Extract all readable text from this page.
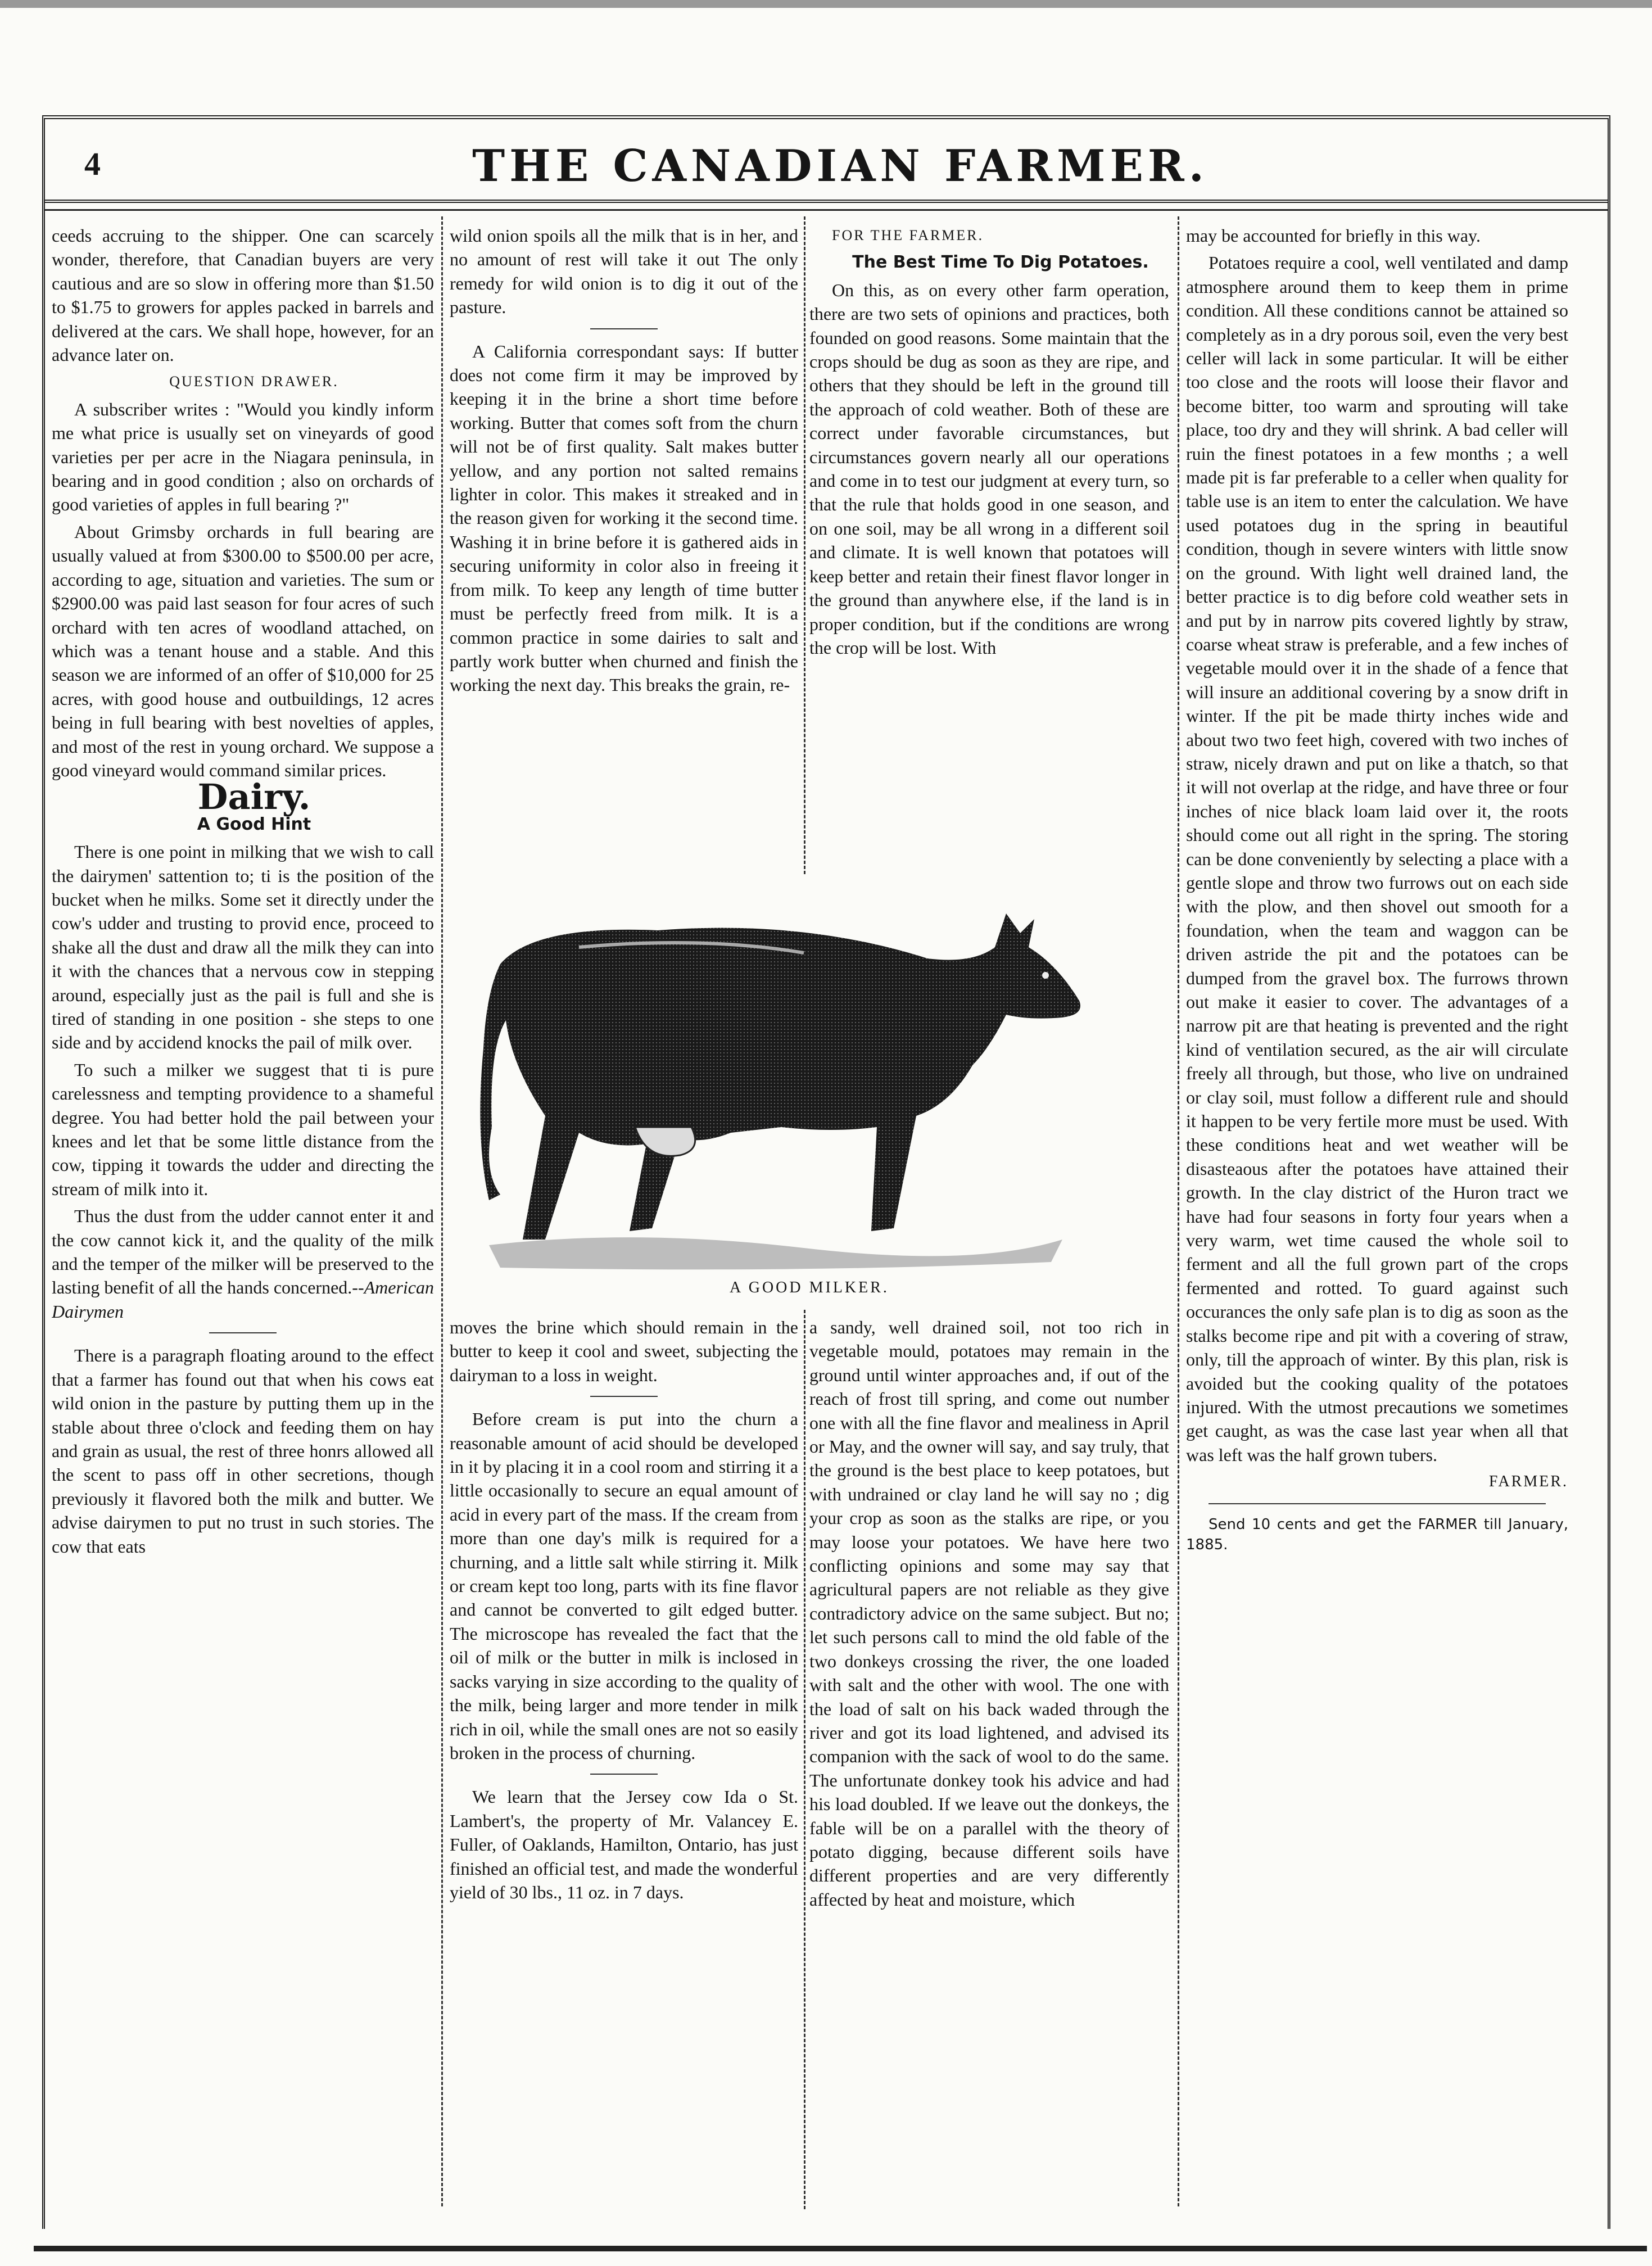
4	THE CANADIAN FARMER.

ceeds accruing to the shipper. One can scarcely wonder, therefore, that Canadian buyers are very cautious and are so slow in offering more than $1.50 to $1.75 to growers for apples packed in barrels and delivered at the cars. We shall hope, however, for an advance later on.

QUESTION DRAWER.

A subscriber writes : "Would you kindly inform me what price is usually set on vineyards of good varieties per per acre in the Niagara peninsula, in bearing and in good condition ; also on orchards of good varieties of apples in full bearing ?"

About Grimsby orchards in full bearing are usually valued at from $300.00 to $500.00 per acre, according to age, situation and varieties. The sum or $2900.00 was paid last season for four acres of such orchard with ten acres of woodland attached, on which was a tenant house and a stable. And this season we are informed of an offer of $10,000 for 25 acres, with good house and outbuildings, 12 acres being in full bearing with best novelties of apples, and most of the rest in young orchard. We suppose a good vineyard would command similar prices.

Dairy.

A Good Hint

There is one point in milking that we wish to call the dairymen' sattention to; ti is the position of the bucket when he milks. Some set it directly under the cow's udder and trusting to provid ence, proceed to shake all the dust and draw all the milk they can into it with the chances that a nervous cow in stepping around, especially just as the pail is full and she is tired of standing in one position - she steps to one side and by accidend knocks the pail of milk over.

To such a milker we suggest that ti is pure carelessness and tempting providence to a shameful degree. You had better hold the pail between your knees and let that be some little distance from the cow, tipping it towards the udder and directing the stream of milk into it.

Thus the dust from the udder cannot enter it and the cow cannot kick it, and the quality of the milk and the temper of the milker will be preserved to the lasting benefit of all the hands concerned.--American Dairymen

There is a paragraph floating around to the effect that a farmer has found out that when his cows eat wild onion in the pasture by putting them up in the stable about three o'clock and feeding them on hay and grain as usual, the rest of three honrs allowed all the scent to pass off in other secretions, though previously it flavored both the milk and butter. We advise dairymen to put no trust in such stories. The cow that eats

wild onion spoils all the milk that is in her, and no amount of rest will take it out The only remedy for wild onion is to dig it out of the pasture.

A California correspondant says: If butter does not come firm it may be improved by keeping it in the brine a short time before working. Butter that comes soft from the churn will not be of first quality. Salt makes butter yellow, and any portion not salted remains lighter in color. This makes it streaked and in the reason given for working it the second time. Washing it in brine before it is gathered aids in securing uniformity in color also in freeing it from milk. To keep any length of time butter must be perfectly freed from milk. It is a common practice in some dairies to salt and partly work butter when churned and finish the working the next day. This breaks the grain, re-

FOR THE FARMER.

The Best Time To Dig Potatoes.

On this, as on every other farm operation, there are two sets of opinions and practices, both founded on good reasons. Some maintain that the crops should be dug as soon as they are ripe, and others that they should be left in the ground till the approach of cold weather. Both of these are correct under favorable circumstances, but circumstances govern nearly all our operations and come in to test our judgment at every turn, so that the rule that holds good in one season, and on one soil, may be all wrong in a different soil and climate. It is well known that potatoes will keep better and retain their finest flavor longer in the ground than anywhere else, if the land is in proper condition, but if the conditions are wrong the crop will be lost. With

A GOOD MILKER.

moves the brine which should remain in the butter to keep it cool and sweet, subjecting the dairyman to a loss in weight.

Before cream is put into the churn a reasonable amount of acid should be developed in it by placing it in a cool room and stirring it a little occasionally to secure an equal amount of acid in every part of the mass. If the cream from more than one day's milk is required for a churning, and a little salt while stirring it. Milk or cream kept too long, parts with its fine flavor and cannot be converted to gilt edged butter. The microscope has revealed the fact that the oil of milk or the butter in milk is inclosed in sacks varying in size according to the quality of the milk, being larger and more tender in milk rich in oil, while the small ones are not so easily broken in the process of churning.

We learn that the Jersey cow Ida o St. Lambert's, the property of Mr. Valancey E. Fuller, of Oaklands, Hamilton, Ontario, has just finished an official test, and made the wonderful yield of 30 lbs., 11 oz. in 7 days.

a sandy, well drained soil, not too rich in vegetable mould, potatoes may remain in the ground until winter approaches and, if out of the reach of frost till spring, and come out number one with all the fine flavor and mealiness in April or May, and the owner will say, and say truly, that the ground is the best place to keep potatoes, but with undrained or clay land he will say no ; dig your crop as soon as the stalks are ripe, or you may loose your potatoes. We have here two conflicting opinions and some may say that agricultural papers are not reliable as they give contradictory advice on the same subject. But no; let such persons call to mind the old fable of the two donkeys crossing the river, the one loaded with salt and the other with wool. The one with the load of salt on his back waded through the river and got its load lightened, and advised its companion with the sack of wool to do the same. The unfortunate donkey took his advice and had his load doubled. If we leave out the donkeys, the fable will be on a parallel with the theory of potato digging, because different soils have different properties and are very differently affected by heat and moisture, which

may be accounted for briefly in this way.

Potatoes require a cool, well ventilated and damp atmosphere around them to keep them in prime condition. All these conditions cannot be attained so completely as in a dry porous soil, even the very best celler will lack in some particular. It will be either too close and the roots will loose their flavor and become bitter, too warm and sprouting will take place, too dry and they will shrink. A bad celler will ruin the finest potatoes in a few months ; a well made pit is far preferable to a celler when quality for table use is an item to enter the calculation. We have used potatoes dug in the spring in beautiful condition, though in severe winters with little snow on the ground. With light well drained land, the better practice is to dig before cold weather sets in and put by in narrow pits covered lightly by straw, coarse wheat straw is preferable, and a few inches of vegetable mould over it in the shade of a fence that will insure an additional covering by a snow drift in winter. If the pit be made thirty inches wide and about two two feet high, covered with two inches of straw, nicely drawn and put on like a thatch, so that it will not overlap at the ridge, and have three or four inches of nice black loam laid over it, the roots should come out all right in the spring. The storing can be done conveniently by selecting a place with a gentle slope and throw two furrows out on each side with the plow, and then shovel out smooth for a foundation, when the team and waggon can be driven astride the pit and the potatoes can be dumped from the gravel box. The furrows thrown out make it easier to cover. The advantages of a narrow pit are that heating is prevented and the right kind of ventilation secured, as the air will circulate freely all through, but those, who live on undrained or clay soil, must follow a different rule and should it happen to be very fertile more must be used. With these conditions heat and wet weather will be disasteaous after the potatoes have attained their growth. In the clay district of the Huron tract we have had four seasons in forty four years when a very warm, wet time caused the whole soil to ferment and all the full grown part of the crops fermented and rotted. To guard against such occurances the only safe plan is to dig as soon as the stalks become ripe and pit with a covering of straw, only, till the approach of winter. By this plan, risk is avoided but the cooking quality of the potatoes injured. With the utmost precautions we sometimes get caught, as was the case last year when all that was left was the half grown tubers.

FARMER.

Send 10 cents and get the FARMER till January, 1885.
